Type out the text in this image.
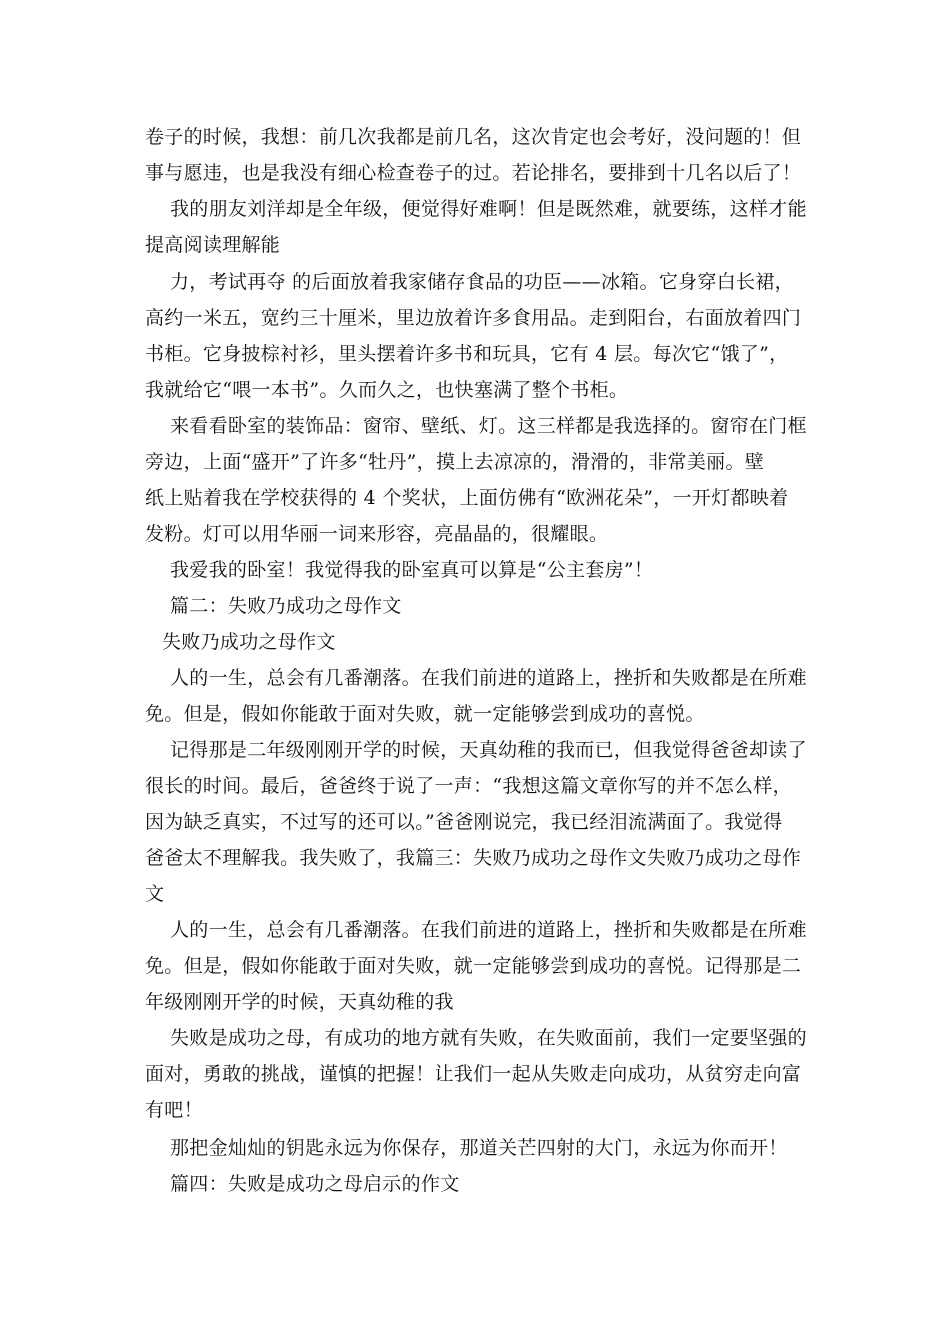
卷子的时候，我想：前几次我都是前几名，这次肯定也会考好，没问题的！但
事与愿违，也是我没有细心检查卷子的过。若论排名，要排到十几名以后了！
我的朋友刘洋却是全年级，便觉得好难啊！但是既然难，就要练，这样才能
提高阅读理解能
力，考试再夺 的后面放着我家储存食品的功臣——冰箱。它身穿白长裙，
高约一米五，宽约三十厘米，里边放着许多食用品。走到阳台，右面放着四门
书柜。它身披棕衬衫，里头摆着许多书和玩具，它有 4 层。每次它“饿了”，
我就给它“喂一本书”。久而久之，也快塞满了整个书柜。
来看看卧室的装饰品：窗帘、壁纸、灯。这三样都是我选择的。窗帘在门框
旁边，上面“盛开”了许多“牡丹”，摸上去凉凉的，滑滑的，非常美丽。壁
纸上贴着我在学校获得的 4 个奖状，上面仿佛有“欧洲花朵”，一开灯都映着
发粉。灯可以用华丽一词来形容，亮晶晶的，很耀眼。
我爱我的卧室！我觉得我的卧室真可以算是“公主套房”！
篇二：失败乃成功之母作文
失败乃成功之母作文
人的一生，总会有几番潮落。在我们前进的道路上，挫折和失败都是在所难
免。但是，假如你能敢于面对失败，就一定能够尝到成功的喜悦。
记得那是二年级刚刚开学的时候，天真幼稚的我而已，但我觉得爸爸却读了
很长的时间。最后，爸爸终于说了一声：“我想这篇文章你写的并不怎么样，
因为缺乏真实，不过写的还可以。”爸爸刚说完，我已经泪流满面了。我觉得
爸爸太不理解我。我失败了，我篇三：失败乃成功之母作文失败乃成功之母作
文
人的一生，总会有几番潮落。在我们前进的道路上，挫折和失败都是在所难
免。但是，假如你能敢于面对失败，就一定能够尝到成功的喜悦。记得那是二
年级刚刚开学的时候，天真幼稚的我
失败是成功之母，有成功的地方就有失败，在失败面前，我们一定要坚强的
面对，勇敢的挑战，谨慎的把握！让我们一起从失败走向成功，从贫穷走向富
有吧！
那把金灿灿的钥匙永远为你保存，那道关芒四射的大门，永远为你而开！
篇四：失败是成功之母启示的作文
